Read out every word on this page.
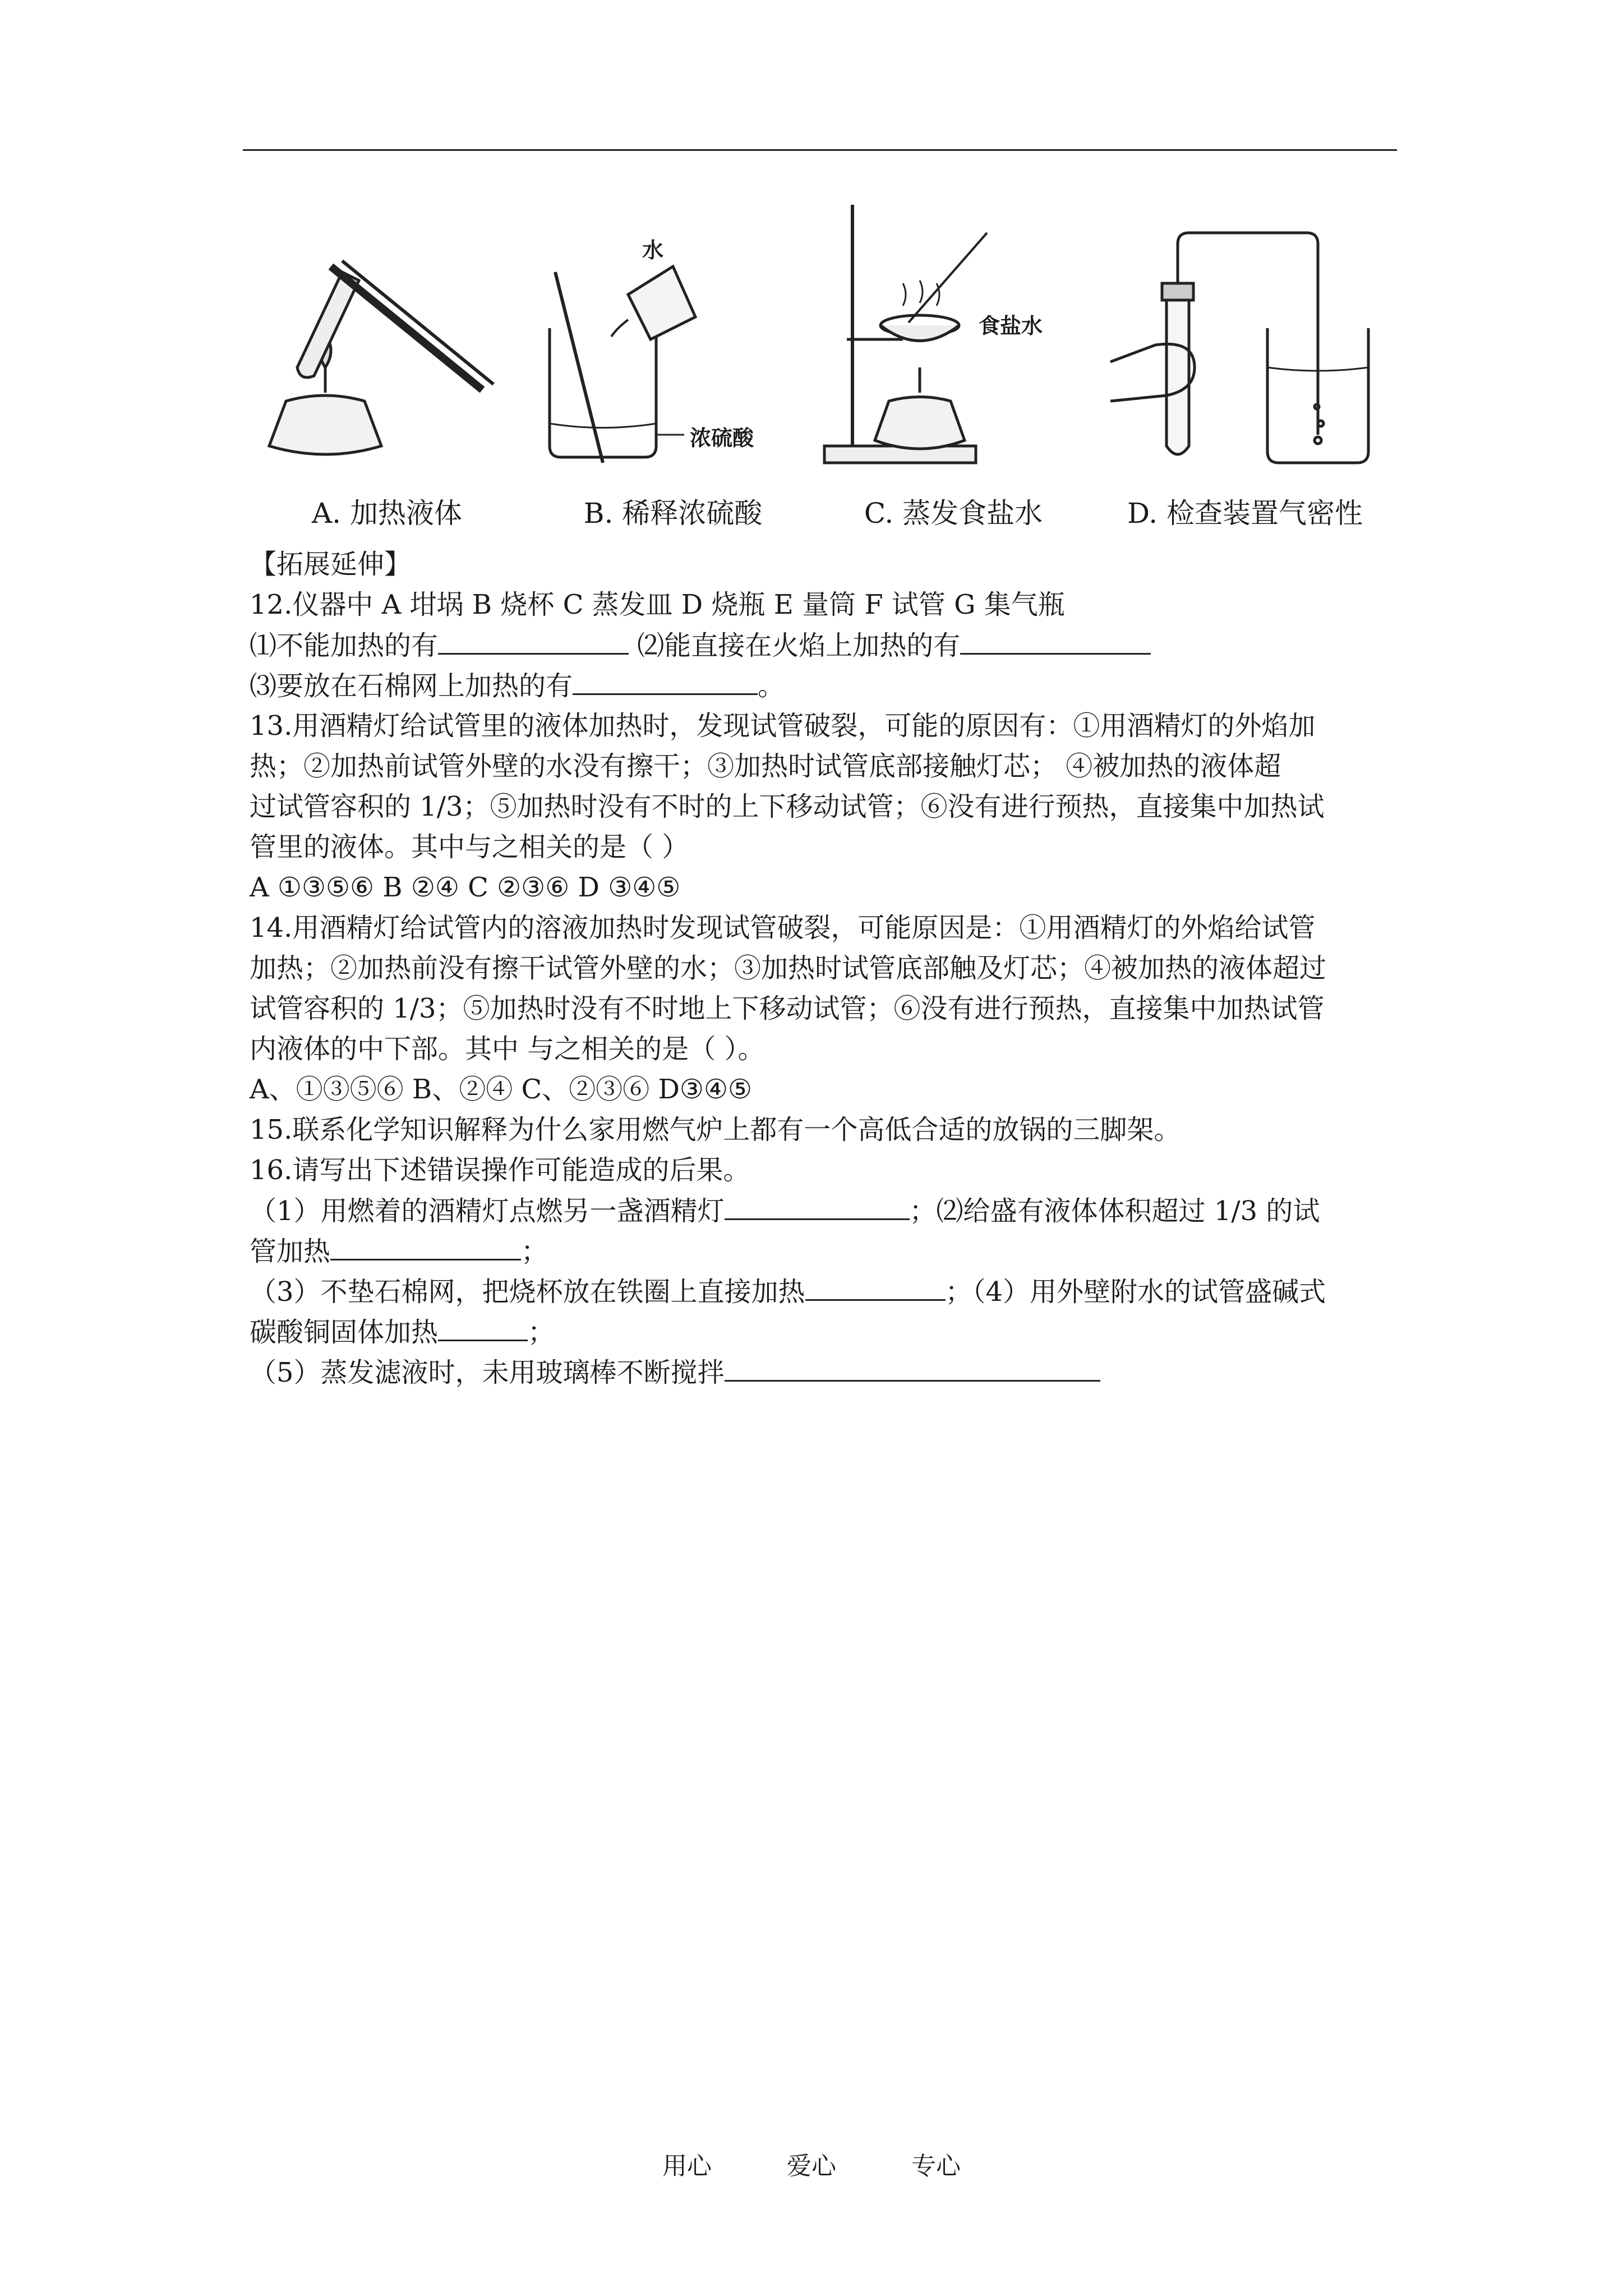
A. 加热液体
水
浓硫酸
B. 稀释浓硫酸
食盐水
C. 蒸发食盐水	D. 检查装置气密性
【拓展延伸】
12.仪器中 A 坩埚 B 烧杯 C 蒸发皿 D 烧瓶 E 量筒 F 试管 G 集气瓶
⑴不能加热的有	⑵能直接在火焰上加热的有
⑶要放在石棉网上加热的有	。
13.用酒精灯给试管里的液体加热时，发现试管破裂，可能的原因有：①用酒精灯的外焰加
热；②加热前试管外壁的水没有擦干；③加热时试管底部接触灯芯； ④被加热的液体超
过试管容积的 1/3；⑤加热时没有不时的上下移动试管；⑥没有进行预热，直接集中加热试
管里的液体。其中与之相关的是（ ）
A ①③⑤⑥ B ②④ C ②③⑥ D ③④⑤
14.用酒精灯给试管内的溶液加热时发现试管破裂，可能原因是：①用酒精灯的外焰给试管
加热；②加热前没有擦干试管外壁的水；③加热时试管底部触及灯芯；④被加热的液体超过
试管容积的 1/3；⑤加热时没有不时地上下移动试管；⑥没有进行预热，直接集中加热试管
内液体的中下部。其中 与之相关的是（ ）。
A、①③⑤⑥ B、②④ C、②③⑥ D③④⑤
15.联系化学知识解释为什么家用燃气炉上都有一个高低合适的放锅的三脚架。
16.请写出下述错误操作可能造成的后果。
（1）用燃着的酒精灯点燃另一盏酒精灯	；⑵给盛有液体体积超过 1/3 的试
管加热	；
（3）不垫石棉网，把烧杯放在铁圈上直接加热	；（4）用外壁附水的试管盛碱式
碳酸铜固体加热	；
（5）蒸发滤液时，未用玻璃棒不断搅拌
用心	爱心	专心
